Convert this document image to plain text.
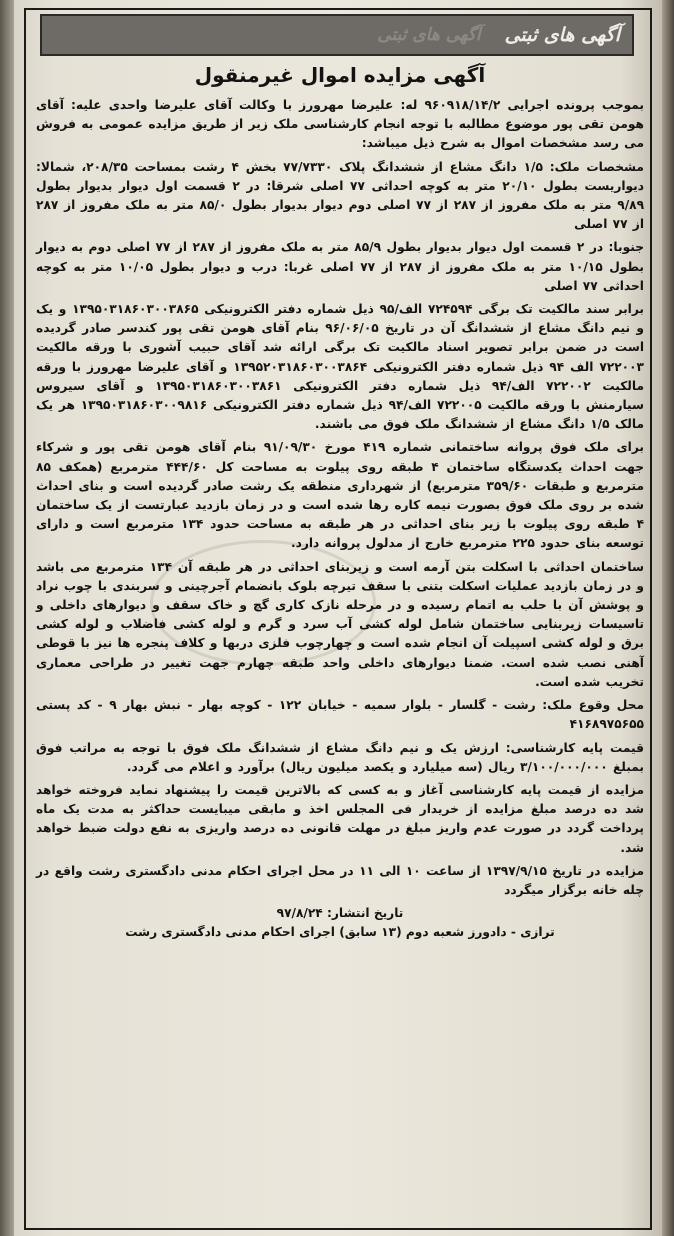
آگهی های ثبتی
آگهی های ثبتی
آگهی مزایده اموال غیرمنقول

بموجب پرونده اجرایی ۹۶۰۹۱۸/۱۴/۲ له: علیرضا مهرورز با وکالت آقای علیرضا واحدی علیه: آقای هومن تقی پور موضوع مطالبه با توجه انجام کارشناسی ملک زیر از طریق مزایده عمومی به فروش می رسد مشخصات اموال به شرح ذیل میباشد:

مشخصات ملک: ۱/۵ دانگ مشاع از ششدانگ پلاک ۷۷/۷۳۳۰ بخش ۴ رشت بمساحت ۲۰۸/۳۵، شمالا: دیواریست بطول ۲۰/۱۰ متر به کوچه احداثی ۷۷ اصلی شرقا: در ۲ قسمت اول دیوار بدیوار بطول ۹/۸۹ متر به ملک مفروز از ۲۸۷ از ۷۷ اصلی دوم دیوار بدیوار بطول ۸۵/۰ متر به ملک مفروز از ۲۸۷ از ۷۷ اصلی

جنوبا: در ۲ قسمت اول دیوار بدیوار بطول ۸۵/۹ متر به ملک مفروز از ۲۸۷ از ۷۷ اصلی دوم به دیوار بطول ۱۰/۱۵ متر به ملک مفروز از ۲۸۷ از ۷۷ اصلی غربا: درب و دیوار بطول ۱۰/۰۵ متر به کوچه احداثی ۷۷ اصلی

برابر سند مالکیت تک برگی ۷۲۴۵۹۴ الف/۹۵ ذیل شماره دفتر الکترونیکی ۱۳۹۵۰۳۱۸۶۰۳۰۰۳۸۶۵ و یک و نیم دانگ مشاع از ششدانگ آن در تاریخ ۹۶/۰۶/۰۵ بنام آقای هومن تقی پور کندسر صادر گردیده است در ضمن برابر تصویر اسناد مالکیت تک برگی ارائه شد آقای حبیب آشوری با ورقه مالکیت ۷۲۲۰۰۳ الف ۹۴ ذیل شماره دفتر الکترونیکی ۱۳۹۵۲۰۳۱۸۶۰۳۰۰۳۸۶۴ و آقای علیرضا مهرورز با ورقه مالکیت ۷۲۲۰۰۲ الف/۹۴ ذیل شماره دفتر الکترونیکی ۱۳۹۵۰۳۱۸۶۰۳۰۰۳۸۶۱ و آقای سیروس سیارمنش با ورقه مالکیت ۷۲۲۰۰۵ الف/۹۴ ذیل شماره دفتر الکترونیکی ۱۳۹۵۰۳۱۸۶۰۳۰۰۹۸۱۶ هر یک مالک ۱/۵ دانگ مشاع از ششدانگ ملک فوق می باشند.

برای ملک فوق پروانه ساختمانی شماره ۴۱۹ مورخ ۹۱/۰۹/۳۰ بنام آقای هومن تقی پور و شرکاء جهت احداث یکدستگاه ساختمان ۴ طبقه روی پیلوت به مساحت کل ۴۴۴/۶۰ مترمربع (همکف ۸۵ مترمربع و طبقات ۳۵۹/۶۰ مترمربع) از شهرداری منطقه یک رشت صادر گردیده است و بنای احداث شده بر روی ملک فوق بصورت نیمه کاره رها شده است و در زمان بازدید عبارتست از یک ساختمان ۴ طبقه روی پیلوت با زیر بنای احداثی در هر طبقه به مساحت حدود ۱۳۴ مترمربع است و دارای توسعه بنای حدود ۲۲۵ مترمربع خارج از مدلول پروانه دارد.

ساختمان احداثی با اسکلت بتن آرمه است و زیربنای احداثی در هر طبقه آن ۱۳۴ مترمربع می باشد و در زمان بازدید عملیات اسکلت بتنی با سقف تیرچه بلوک بانضمام آجرچینی و سربندی با چوب نراد و پوشش آن با حلب به اتمام رسیده و در مرحله نازک کاری گچ و خاک سقف و دیوارهای داخلی و تاسیسات زیربنایی ساختمان شامل لوله کشی آب سرد و گرم و لوله کشی فاضلاب و لوله کشی برق و لوله کشی اسپیلت آن انجام شده است و چهارچوب فلزی دربها و کلاف پنجره ها نیز با قوطی آهنی نصب شده است. ضمنا دیوارهای داخلی واحد طبقه چهارم جهت تغییر در طراحی معماری تخریب شده است.

محل وقوع ملک: رشت - گلسار - بلوار سمیه - خیابان ۱۲۲ - کوچه بهار - نبش بهار ۹ - کد پستی ۴۱۶۸۹۷۵۶۵۵

قیمت پایه کارشناسی: ارزش یک و نیم دانگ مشاع از ششدانگ ملک فوق با توجه به مراتب فوق بمبلغ ۳/۱۰۰/۰۰۰/۰۰۰ ریال (سه میلیارد و یکصد میلیون ریال) برآورد و اعلام می گردد.

مزایده از قیمت پایه کارشناسی آغاز و به کسی که بالاترین قیمت را پیشنهاد نماید فروخته خواهد شد ده درصد مبلغ مزایده از خریدار فی المجلس اخذ و مابقی میبایست حداکثر به مدت یک ماه پرداخت گردد در صورت عدم واریز مبلغ در مهلت قانونی ده درصد واریزی به نفع دولت ضبط خواهد شد.

مزایده در تاریخ ۱۳۹۷/۹/۱۵ از ساعت ۱۰ الی ۱۱ در محل اجرای احکام مدنی دادگستری رشت واقع در چله خانه برگزار میگردد

تاریخ انتشار: ۹۷/۸/۲۴

ترازی - دادورز شعبه دوم (۱۳ سابق) اجرای احکام مدنی دادگستری رشت
